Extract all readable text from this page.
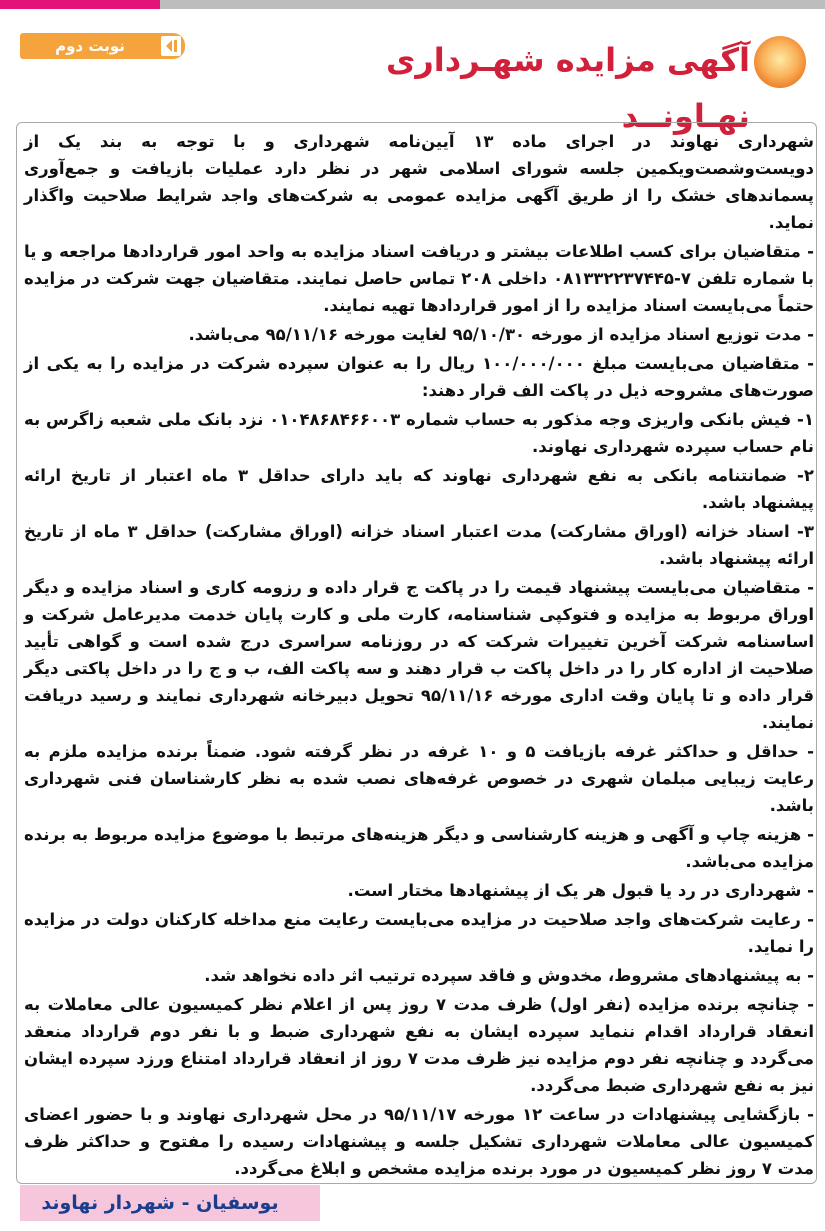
نوبت دوم	آگهی مزایده شهـرداری نهـاونــد

شهرداری نهاوند در اجرای ماده ۱۳ آیین‌نامه شهرداری و با توجه به بند یک از دویست‌وشصت‌ویکمین جلسه شورای اسلامی شهر در نظر دارد عملیات بازیافت و جمع‌آوری پسماندهای خشک را از طریق آگهی مزایده عمومی به شرکت‌های واجد شرایط صلاحیت واگذار نماید.

- متقاضیان برای کسب اطلاعات بیشتر و دریافت اسناد مزایده به واحد امور قراردادها مراجعه و یا با شماره تلفن ۷-۰۸۱۳۳۲۲۳۷۴۴۵ داخلی ۲۰۸ تماس حاصل نمایند. متقاضیان جهت شرکت در مزایده حتماً می‌بایست اسناد مزایده را از امور قراردادها تهیه نمایند.

- مدت توزیع اسناد مزایده از مورخه ۹۵/۱۰/۳۰ لغایت مورخه ۹۵/۱۱/۱۶ می‌باشد.

- متقاضیان می‌بایست مبلغ ۱۰۰/۰۰۰/۰۰۰ ریال را به عنوان سپرده شرکت در مزایده را به یکی از صورت‌های مشروحه ذیل در پاکت الف قرار دهند:

۱- فیش بانکی واریزی وجه مذکور به حساب شماره ۰۱۰۴۸۶۸۴۶۶۰۰۳ نزد بانک ملی شعبه زاگرس به نام حساب سپرده شهرداری نهاوند.

۲- ضمانتنامه بانکی به نفع شهرداری نهاوند که باید دارای حداقل ۳ ماه اعتبار از تاریخ ارائه پیشنهاد باشد.

۳- اسناد خزانه (اوراق مشارکت) مدت اعتبار اسناد خزانه (اوراق مشارکت) حداقل ۳ ماه از تاریخ ارائه پیشنهاد باشد.

- متقاضیان می‌بایست پیشنهاد قیمت را در پاکت ج قرار داده و رزومه کاری و اسناد مزایده و دیگر اوراق مربوط به مزایده و فتوکپی شناسنامه، کارت ملی و کارت پایان خدمت مدیرعامل شرکت و اساسنامه شرکت آخرین تغییرات شرکت که در روزنامه سراسری درج شده است و گواهی تأیید صلاحیت از اداره کار را در داخل پاکت ب قرار دهند و سه پاکت الف، ب و ج را در داخل پاکتی دیگر قرار داده و تا پایان وقت اداری مورخه ۹۵/۱۱/۱۶ تحویل دبیرخانه شهرداری نمایند و رسید دریافت نمایند.

- حداقل و حداکثر غرفه بازیافت ۵ و ۱۰ غرفه در نظر گرفته شود. ضمناً برنده مزایده ملزم به رعایت زیبایی مبلمان شهری در خصوص غرفه‌های نصب شده به نظر کارشناسان فنی شهرداری باشد.

- هزینه چاپ و آگهی و هزینه کارشناسی و دیگر هزینه‌های مرتبط با موضوع مزایده مربوط به برنده مزایده می‌باشد.

- شهرداری در رد یا قبول هر یک از پیشنهادها مختار است.

- رعایت شرکت‌های واجد صلاحیت در مزایده می‌بایست رعایت منع مداخله کارکنان دولت در مزایده را نماید.

- به پیشنهادهای مشروط، مخدوش و فاقد سپرده ترتیب اثر داده نخواهد شد.

- چنانچه برنده مزایده (نفر اول) ظرف مدت ۷ روز پس از اعلام نظر کمیسیون عالی معاملات به انعقاد قرارداد اقدام ننماید سپرده ایشان به نفع شهرداری ضبط و با نفر دوم قرارداد منعقد می‌گردد و چنانچه نفر دوم مزایده نیز ظرف مدت ۷ روز از انعقاد قرارداد امتناع ورزد سپرده ایشان نیز به نفع شهرداری ضبط می‌گردد.

- بازگشایی پیشنهادات در ساعت ۱۲ مورخه ۹۵/۱۱/۱۷ در محل شهرداری نهاوند و با حضور اعضای کمیسیون عالی معاملات شهرداری تشکیل جلسه و پیشنهادات رسیده را مفتوح و حداکثر ظرف مدت ۷ روز نظر کمیسیون در مورد برنده مزایده مشخص و ابلاغ می‌گردد.

یوسفیان - شهردار نهاوند
